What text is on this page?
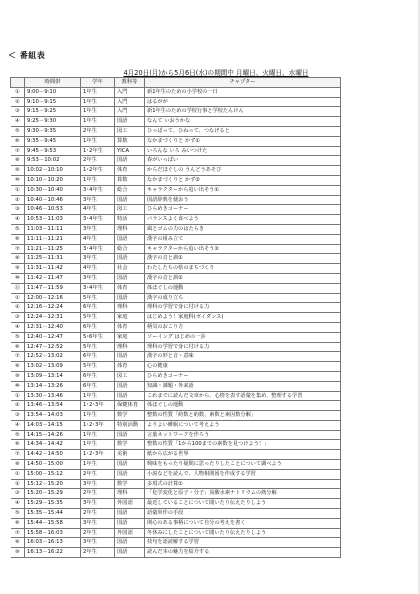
＜ 番組表
4月20日(月)から5月6日(水)の期間中 月曜日、火曜日、水曜日
	時間帯	学年	教科等	チャプター
①	9:00－9:10	1年生	入門	新1年生のための小学校の一日
②	9:10－9:15	1年生	入門	はるがが
③	9:15－9:25	1年生	入門	新1年生のための学校行事と学校たんけん
④	9:25－9:30	1年生	国語	なんて いおうかな
⑤	9:30－9:35	2年生	図工	ひっぱって、ひねって、つなげると
⑥	9:35－9:45	1年生	算数	なかまづくりと かず①
⑦	9:45－9:53	1･2年生	YICA	いろんな いろ みいつけた
⑧	9:53－10:02	2年生	国語	春がいっぱい
⑨	10:02－10:10	1･2年生	体育	からだほぐしの うんどうあそび
⑩	10:10－10:20	1年生	算数	なかまづくりと かず②
①	10:30－10:40	3･4年生	総合	キャラクターから追い出そう①
②	10:40－10:46	3年生	国語	国語辞典を使おう
③	10:46－10:53	4年生	図工	ひらめきコーナー
④	10:53－11:03	3･4年生	特活	バランスよく食べよう
⑤	11:03－11:11	3年生	理科	風とゴムの力のはたらき
⑥	11:11－11:21	4年生	国語	漢字の組み立て
⑦	11:21－11:25	3･4年生	総合	キャラクターから追い出そう②
⑧	11:25－11:31	3年生	国語	漢字の音と訓①
⑨	11:31－11:42	4年生	社会	わたしたちの県のまちづくり
⑩	11:42－11:47	3年生	国語	漢字の音と訓②
⑪	11:47－11:59	3･4年生	体育	体ほぐしの運動
①	12:00－12:16	5年生	国語	漢字の成り立ち
②	12:16－12:24	6年生	理科	理科の学習で身に付ける力
③	12:24－12:31	5年生	家庭	はじめよう！家庭科(ガイダンス)
④	12:31－12:40	6年生	体育	柄気のおこり方
⑤	12:40－12:47	5･6年生	家庭	ソーイング はじめの一歩
⑥	12:47－12:52	5年生	理科	理科の学習で身に付ける力
⑦	12:52－13:02	6年生	国語	漢字の形と音・意味
⑧	13:02－13:09	5年生	体育	心の健康
⑨	13:09－13:14	6年生	図工	ひらめきコーナー
⑩	13:14－13:26	6年生	国語	知識・課題・外来語
①	13:30－13:46	1年生	国語	これまでに読んだ文章から、心情を表す語彙を集め、整理する学習
②	13:46－13:54	1･2･3年	保健体育	体ほぐしの運動
③	13:54－14:03	1年生	数学	整数の性質「約数と約数、素数と素因数分解」
④	14:03－14:15	1･2･3年	特別活動	よりよい睡眠について考えよう
⑤	14:15－14:26	1年生	国語	言葉ネットワークを作ろう
⑥	14:34－14:42	1年生	数学	整数の性質「1から100までの素数を見つけよう！」
⑦	14:42－14:50	1･2･3年	美術	紙から広がる世界
⑧	14:50－15:00	1年生	国語	興味をもったり疑問に思ったりしたことについて調べよう
①	15:00－15:12	2年生	国語	小説などを読んで、人物相関図を作成する学習
②	15:12－15:20	3年生	数学	多項式の計算①
③	15:20－15:29	2年生	理科	「化学変化と原子・分子」炭酸水素ナトリウムの熱分解
④	15:29－15:35	3年生	外国語	最近していることについて聞いたり伝えたりしよう
⑤	15:35－15:44	2年生	国語	語彙単作の手段
⑥	15:44－15:58	3年生	国語	関心のある事柄について自分の考えを書く
⑦	15:58－16:03	2年生	外国語	冬休みにしたことについて聞いたり伝えたりしよう
⑧	16:03－16:13	3年生	国語	技句を語読解する学習
⑨	16:13－16:22	2年生	国語	読んだ本の魅力を紹介する
